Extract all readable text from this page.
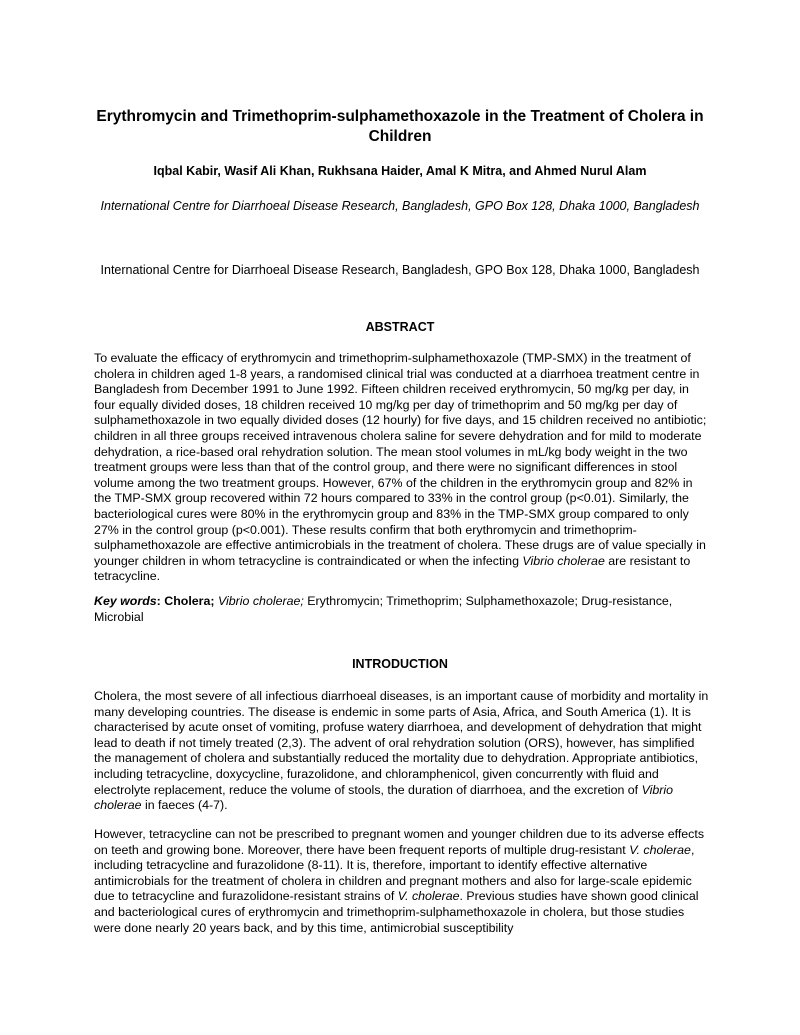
Erythromycin and Trimethoprim-sulphamethoxazole in the Treatment of Cholera in Children
Iqbal Kabir, Wasif Ali Khan, Rukhsana Haider, Amal K Mitra, and Ahmed Nurul Alam
International Centre for Diarrhoeal Disease Research, Bangladesh, GPO Box 128, Dhaka 1000, Bangladesh
International Centre for Diarrhoeal Disease Research, Bangladesh, GPO Box 128, Dhaka 1000, Bangladesh
ABSTRACT
To evaluate the efficacy of erythromycin and trimethoprim-sulphamethoxazole (TMP-SMX) in the treatment of cholera in children aged 1-8 years, a randomised clinical trial was conducted at a diarrhoea treatment centre in Bangladesh from December 1991 to June 1992. Fifteen children received erythromycin, 50 mg/kg per day, in four equally divided doses, 18 children received 10 mg/kg per day of trimethoprim and 50 mg/kg per day of sulphamethoxazole in two equally divided doses (12 hourly) for five days, and 15 children received no antibiotic; children in all three groups received intravenous cholera saline for severe dehydration and for mild to moderate dehydration, a rice-based oral rehydration solution. The mean stool volumes in mL/kg body weight in the two treatment groups were less than that of the control group, and there were no significant differences in stool volume among the two treatment groups. However, 67% of the children in the erythromycin group and 82% in the TMP-SMX group recovered within 72 hours compared to 33% in the control group (p<0.01). Similarly, the bacteriological cures were 80% in the erythromycin group and 83% in the TMP-SMX group compared to only 27% in the control group (p<0.001). These results confirm that both erythromycin and trimethoprim-sulphamethoxazole are effective antimicrobials in the treatment of cholera. These drugs are of value specially in younger children in whom tetracycline is contraindicated or when the infecting Vibrio cholerae are resistant to tetracycline.
Key words: Cholera; Vibrio cholerae; Erythromycin; Trimethoprim; Sulphamethoxazole; Drug-resistance, Microbial
INTRODUCTION
Cholera, the most severe of all infectious diarrhoeal diseases, is an important cause of morbidity and mortality in many developing countries. The disease is endemic in some parts of Asia, Africa, and South America (1). It is characterised by acute onset of vomiting, profuse watery diarrhoea, and development of dehydration that might lead to death if not timely treated (2,3). The advent of oral rehydration solution (ORS), however, has simplified the management of cholera and substantially reduced the mortality due to dehydration. Appropriate antibiotics, including tetracycline, doxycycline, furazolidone, and chloramphenicol, given concurrently with fluid and electrolyte replacement, reduce the volume of stools, the duration of diarrhoea, and the excretion of Vibrio cholerae in faeces (4-7).
However, tetracycline can not be prescribed to pregnant women and younger children due to its adverse effects on teeth and growing bone. Moreover, there have been frequent reports of multiple drug-resistant V. cholerae, including tetracycline and furazolidone (8-11). It is, therefore, important to identify effective alternative antimicrobials for the treatment of cholera in children and pregnant mothers and also for large-scale epidemic due to tetracycline and furazolidone-resistant strains of V. cholerae. Previous studies have shown good clinical and bacteriological cures of erythromycin and trimethoprim-sulphamethoxazole in cholera, but those studies were done nearly 20 years back, and by this time, antimicrobial susceptibility
